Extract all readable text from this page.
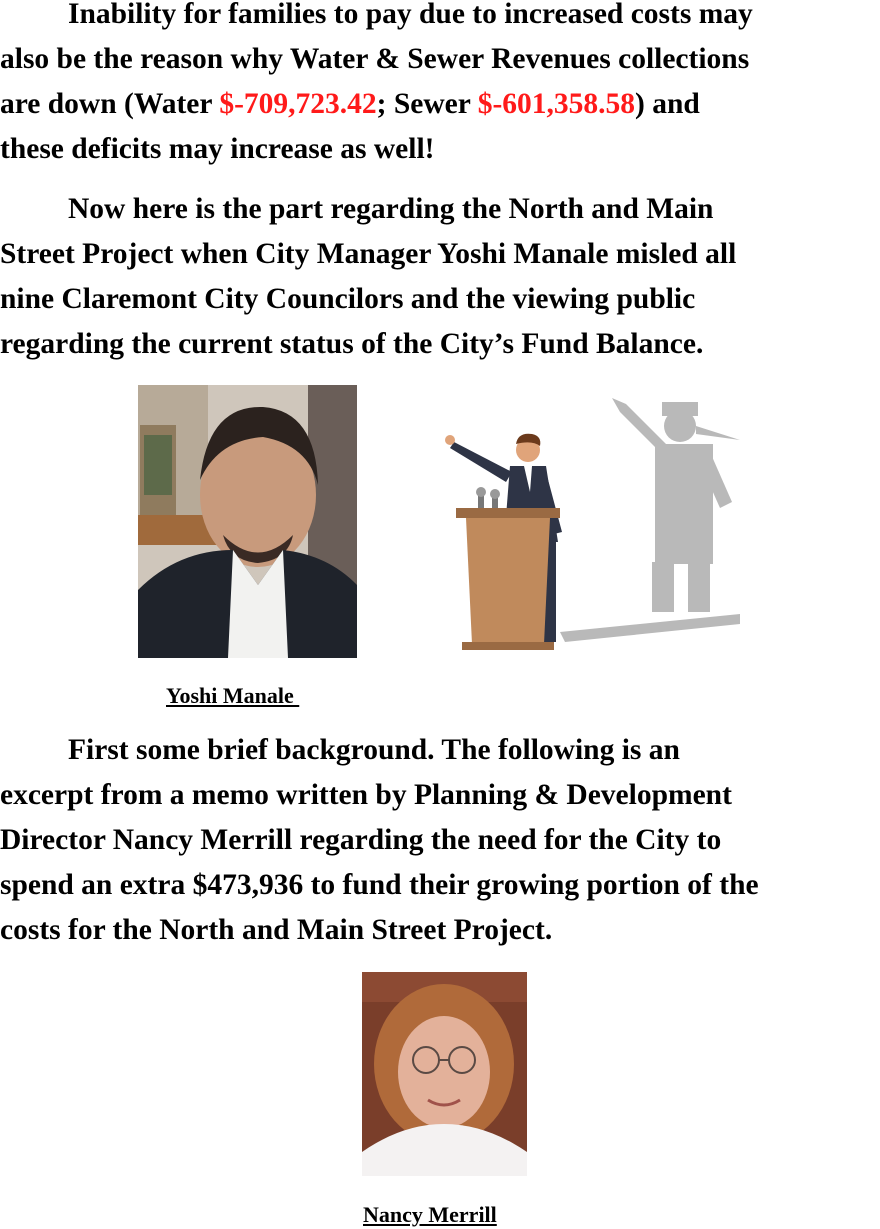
Inability for families to pay due to increased costs may
also be the reason why Water & Sewer Revenues collections
are down (Water $-709,723.42; Sewer $-601,358.58) and
these deficits may increase as well!
Now here is the part regarding the North and Main
Street Project when City Manager Yoshi Manale misled all
nine Claremont City Councilors and the viewing public
regarding the current status of the City’s Fund Balance.
Yoshi Manale
First some brief background. The following is an
excerpt from a memo written by Planning & Development
Director Nancy Merrill regarding the need for the City to
spend an extra $473,936 to fund their growing portion of the
costs for the North and Main Street Project.
Nancy Merrill
